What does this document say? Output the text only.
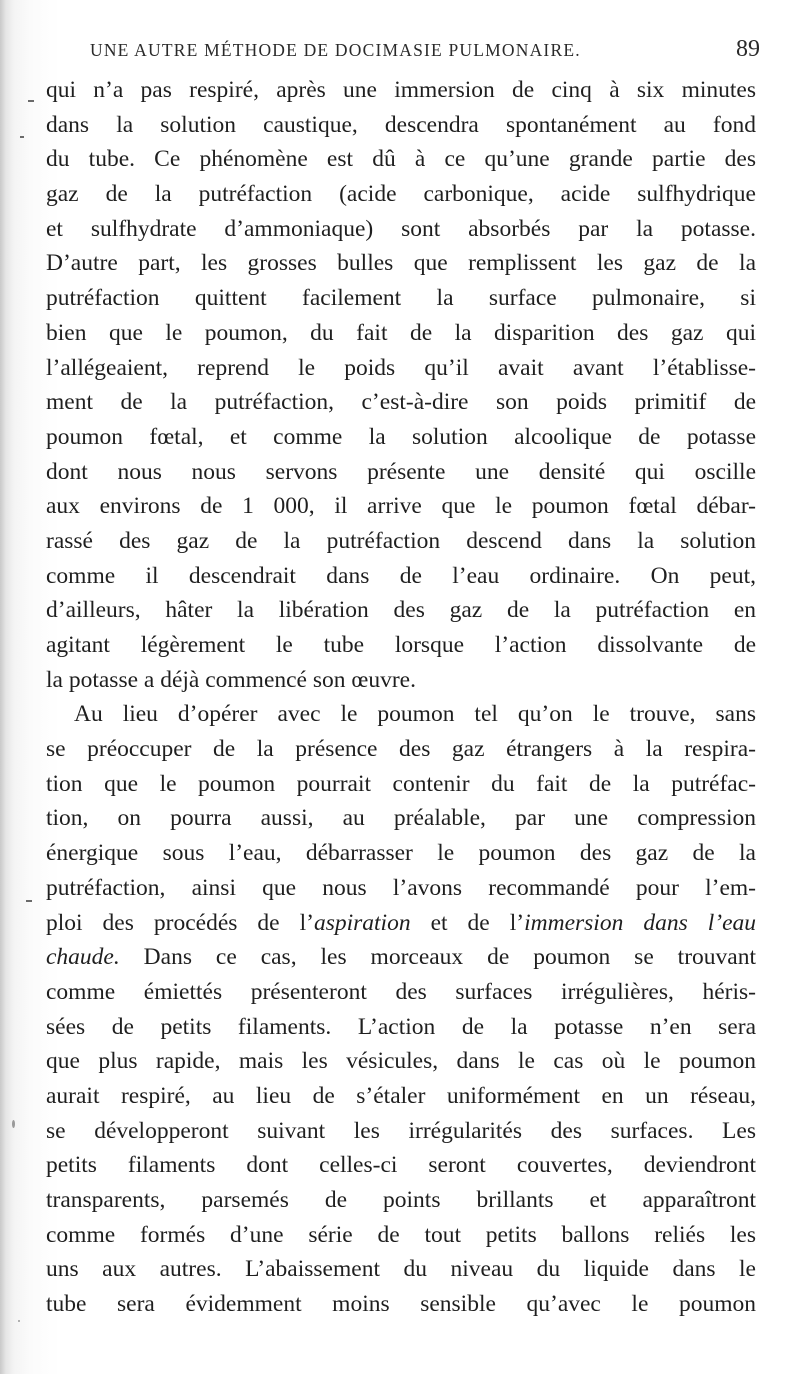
UNE AUTRE MÉTHODE DE DOCIMASIE PULMONAIRE.	89
qui n’a pas respiré, après une immersion de cinq à six minutes
dans la solution caustique, descendra spontanément au fond
du tube. Ce phénomène est dû à ce qu’une grande partie des
gaz de la putréfaction (acide carbonique, acide sulfhydrique
et sulfhydrate d’ammoniaque) sont absorbés par la potasse.
D’autre part, les grosses bulles que remplissent les gaz de la
putréfaction quittent facilement la surface pulmonaire, si
bien que le poumon, du fait de la disparition des gaz qui
l’allégeaient, reprend le poids qu’il avait avant l’établisse-
ment de la putréfaction, c’est-à-dire son poids primitif de
poumon fœtal, et comme la solution alcoolique de potasse
dont nous nous servons présente une densité qui oscille
aux environs de 1 000, il arrive que le poumon fœtal débar-
rassé des gaz de la putréfaction descend dans la solution
comme il descendrait dans de l’eau ordinaire. On peut,
d’ailleurs, hâter la libération des gaz de la putréfaction en
agitant légèrement le tube lorsque l’action dissolvante de
la potasse a déjà commencé son œuvre.
Au lieu d’opérer avec le poumon tel qu’on le trouve, sans
se préoccuper de la présence des gaz étrangers à la respira-
tion que le poumon pourrait contenir du fait de la putréfac-
tion, on pourra aussi, au préalable, par une compression
énergique sous l’eau, débarrasser le poumon des gaz de la
putréfaction, ainsi que nous l’avons recommandé pour l’em-
ploi des procédés de l’aspiration et de l’immersion dans l’eau
chaude. Dans ce cas, les morceaux de poumon se trouvant
comme émiettés présenteront des surfaces irrégulières, héris-
sées de petits filaments. L’action de la potasse n’en sera
que plus rapide, mais les vésicules, dans le cas où le poumon
aurait respiré, au lieu de s’étaler uniformément en un réseau,
se développeront suivant les irrégularités des surfaces. Les
petits filaments dont celles-ci seront couvertes, deviendront
transparents, parsemés de points brillants et apparaîtront
comme formés d’une série de tout petits ballons reliés les
uns aux autres. L’abaissement du niveau du liquide dans le
tube sera évidemment moins sensible qu’avec le poumon
